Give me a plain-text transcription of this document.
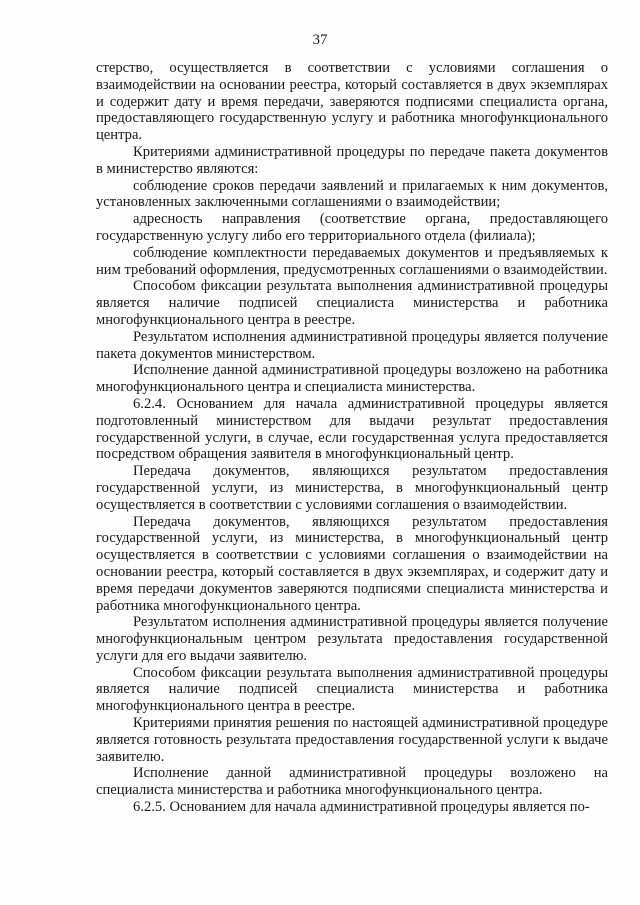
37

стерство, осуществляется в соответствии с условиями соглашения о взаимодействии на основании реестра, который составляется в двух экземплярах и содержит дату и время передачи, заверяются подписями специалиста органа, предоставляющего государственную услугу и работника многофункционального центра.

Критериями административной процедуры по передаче пакета документов в министерство являются:

соблюдение сроков передачи заявлений и прилагаемых к ним документов, установленных заключенными соглашениями о взаимодействии;

адресность направления (соответствие органа, предоставляющего государственную услугу либо его территориального отдела (филиала);

соблюдение комплектности передаваемых документов и предъявляемых к ним требований оформления, предусмотренных соглашениями о взаимодействии.

Способом фиксации результата выполнения административной процедуры является наличие подписей специалиста министерства и работника многофункционального центра в реестре.

Результатом исполнения административной процедуры является получение пакета документов министерством.

Исполнение данной административной процедуры возложено на работника многофункционального центра и специалиста министерства.

6.2.4. Основанием для начала административной процедуры является подготовленный министерством для выдачи результат предоставления государственной услуги, в случае, если государственная услуга предоставляется посредством обращения заявителя в многофункциональный центр.

Передача документов, являющихся результатом предоставления государственной услуги, из министерства, в многофункциональный центр осуществляется в соответствии с условиями соглашения о взаимодействии.

Передача документов, являющихся результатом предоставления государственной услуги, из министерства, в многофункциональный центр осуществляется в соответствии с условиями соглашения о взаимодействии на основании реестра, который составляется в двух экземплярах, и содержит дату и время передачи документов заверяются подписями специалиста министерства и работника многофункционального центра.

Результатом исполнения административной процедуры является получение многофункциональным центром результата предоставления государственной услуги для его выдачи заявителю.

Способом фиксации результата выполнения административной процедуры является наличие подписей специалиста министерства и работника многофункционального центра в реестре.

Критериями принятия решения по настоящей административной процедуре является готовность результата предоставления государственной услуги к выдаче заявителю.

Исполнение данной административной процедуры возложено на специалиста министерства и работника многофункционального центра.

6.2.5. Основанием для начала административной процедуры является по-
